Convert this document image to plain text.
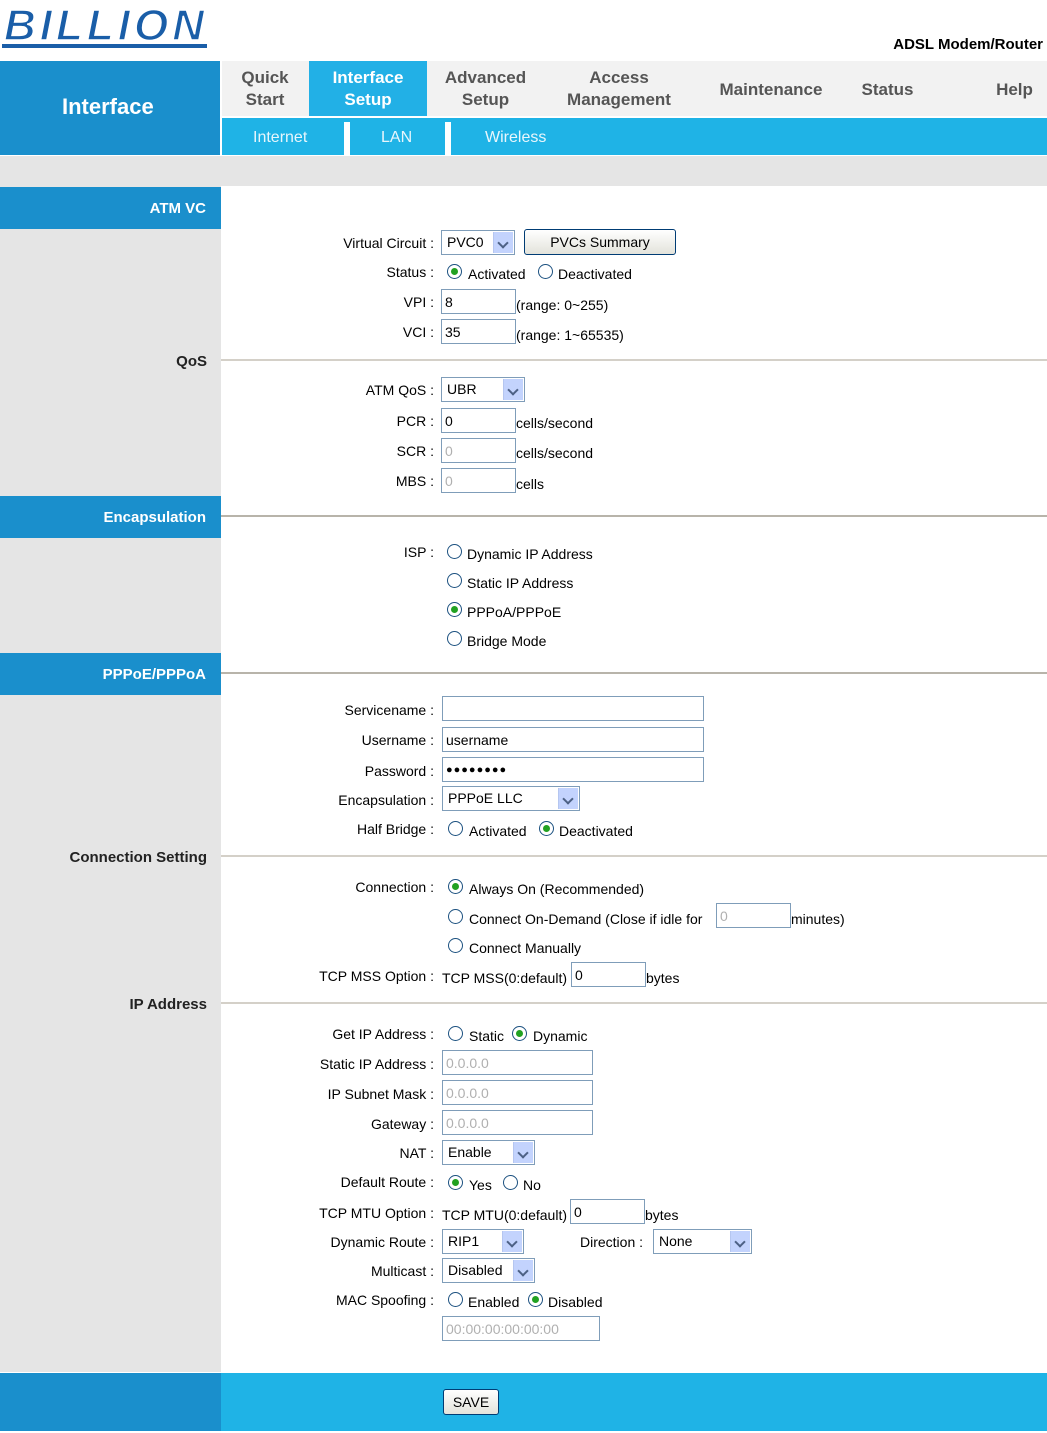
BILLION	ADSL Modem/Router
Quick
Start
Interface
Setup
Advanced
Setup
Access
Management
Maintenance	Status	Help
Interface
Internet	LAN	Wireless
ATM VC
QoS
Encapsulation
PPPoE/PPPoA
Connection Setting
IP Address
Virtual Circuit : PVC0	PVCs Summary
Status : Activated Deactivated
VPI : 8	(range: 0~255)
VCI : 35	(range: 1~65535)
ATM QoS : UBR
PCR : 0	cells/second
SCR : 0	cells/second
MBS : 0	cells
ISP : Dynamic IP Address
Static IP Address
PPPoA/PPPoE
Bridge Mode
Servicename :
Username : username
Password :	●●●●●●●●
Encapsulation :	PPPoE LLC
Half Bridge :	Activated Deactivated
Connection :	Always On (Recommended)
Connect On-Demand (Close if idle for 0	minutes)
Connect Manually
TCP MSS Option : TCP MSS(0:default) 0	bytes
Get IP Address :	Static Dynamic
Static IP Address : 0.0.0.0
IP Subnet Mask : 0.0.0.0
Gateway : 0.0.0.0
NAT :	Enable
Default Route :	Yes No
TCP MTU Option : TCP MTU(0:default) 0	bytes
Dynamic Route :	RIP1	Direction :	None
Multicast :	Disabled
MAC Spoofing : Enabled Disabled
00:00:00:00:00:00
SAVE
